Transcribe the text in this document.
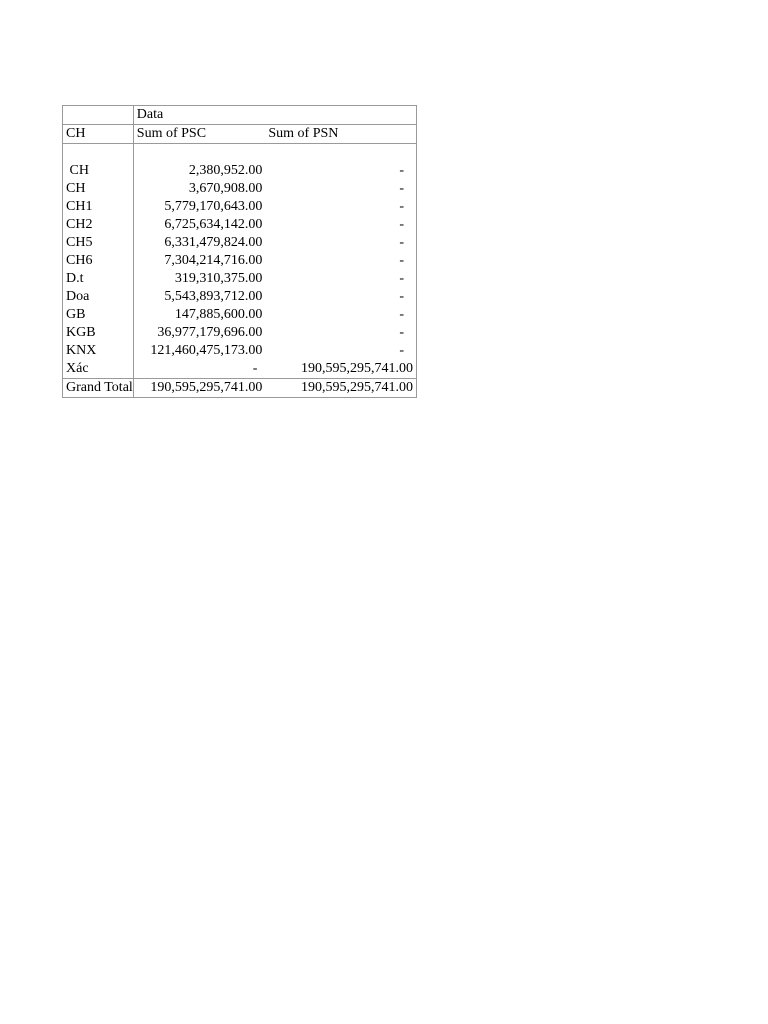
	Data	
CH	Sum of PSC	Sum of PSN

CH	2,380,952.00	-
CH	3,670,908.00	-
CH1	5,779,170,643.00	-
CH2	6,725,634,142.00	-
CH5	6,331,479,824.00	-
CH6	7,304,214,716.00	-
D.t	319,310,375.00	-
Doa	5,543,893,712.00	-
GB	147,885,600.00	-
KGB	36,977,179,696.00	-
KNX	121,460,475,173.00	-
Xác	-	190,595,295,741.00
Grand Total	190,595,295,741.00	190,595,295,741.00
